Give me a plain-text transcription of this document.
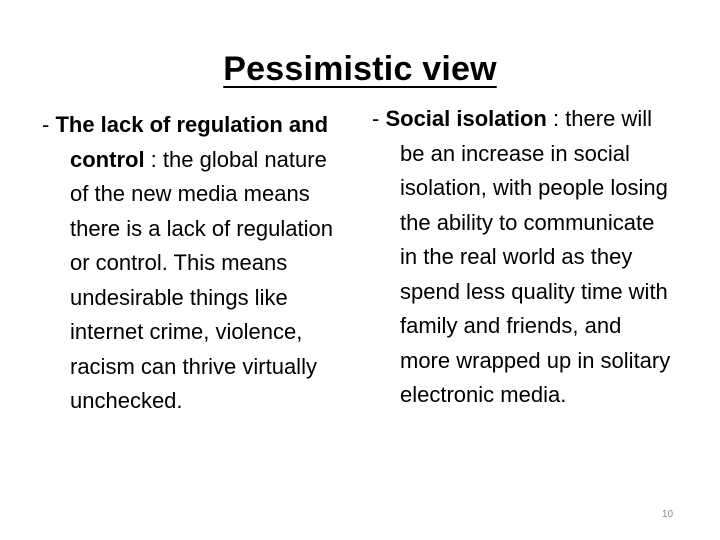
Pessimistic view

- The lack of regulation and control : the global nature of the new media means there is a lack of regulation or control. This means undesirable things like internet crime, violence, racism can thrive virtually unchecked.

- Social isolation : there will be an increase in social isolation, with people losing the ability to communicate in the real world as they spend less quality time with family and friends, and more wrapped up in solitary electronic media.

10
